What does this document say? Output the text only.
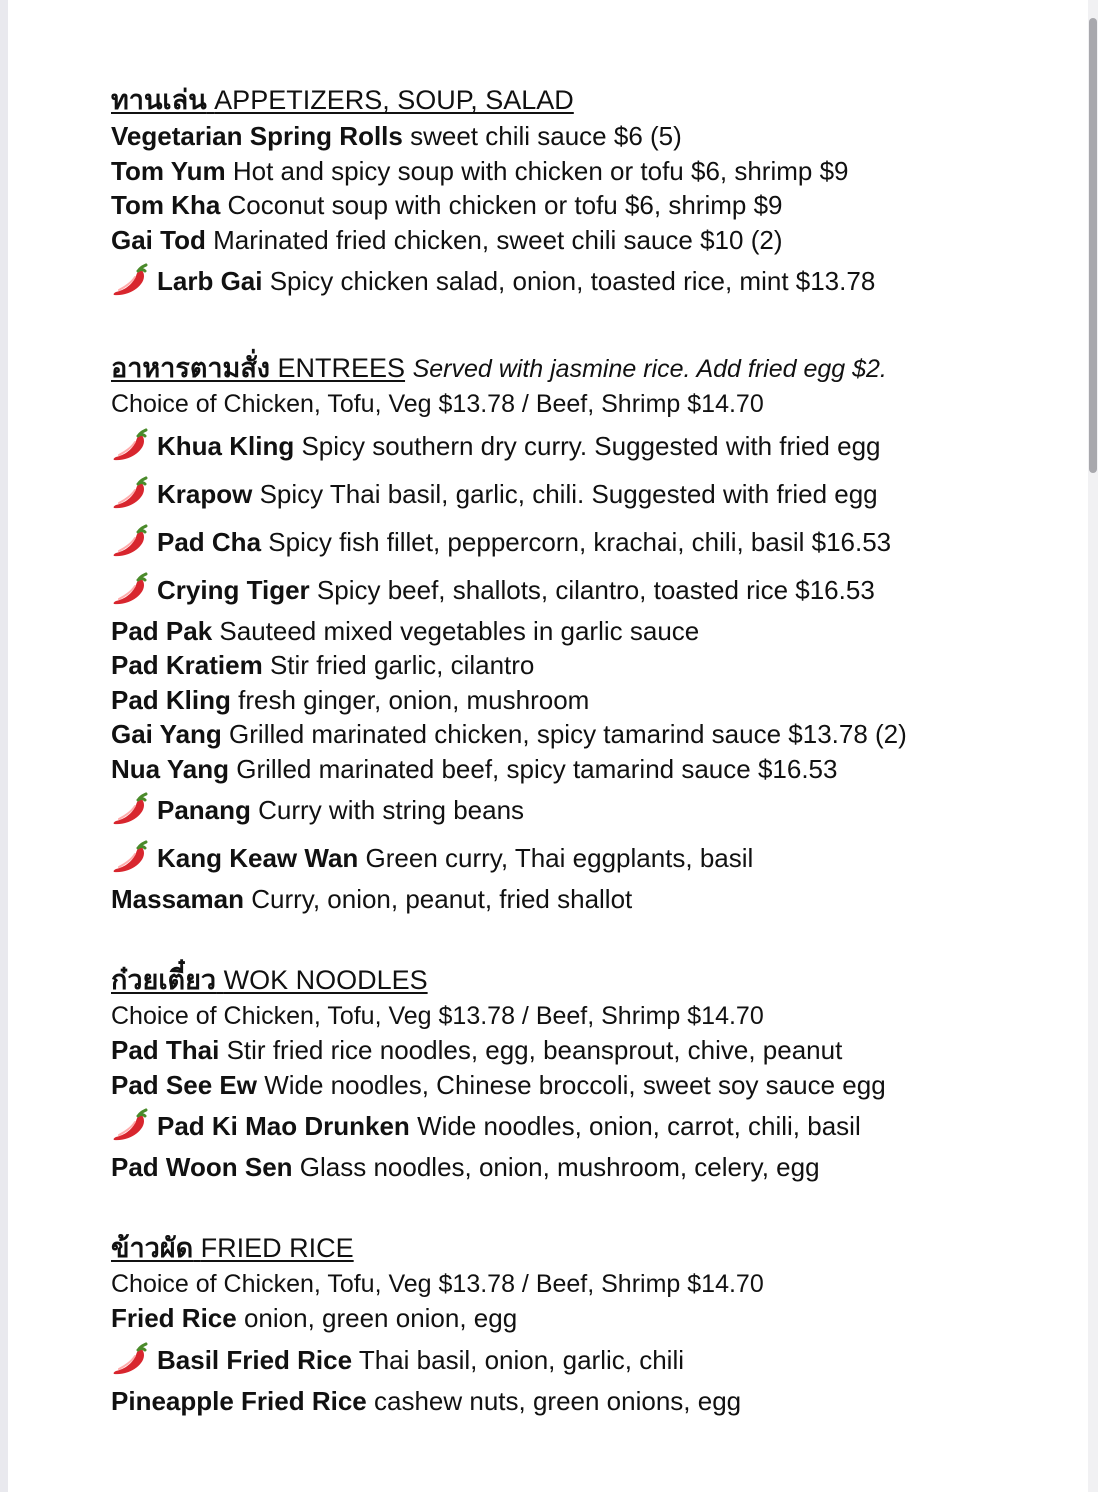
ทานเล่น APPETIZERS, SOUP, SALAD
Vegetarian Spring Rolls sweet chili sauce $6 (5)
Tom Yum Hot and spicy soup with chicken or tofu $6, shrimp $9
Tom Kha Coconut soup with chicken or tofu $6, shrimp $9
Gai Tod Marinated fried chicken, sweet chili sauce $10 (2)
Larb Gai Spicy chicken salad, onion, toasted rice, mint $13.78
อาหารตามสั่ง ENTREES Served with jasmine rice. Add fried egg $2.
Choice of Chicken, Tofu, Veg $13.78 / Beef, Shrimp $14.70
Khua Kling Spicy southern dry curry. Suggested with fried egg
Krapow Spicy Thai basil, garlic, chili. Suggested with fried egg
Pad Cha Spicy fish fillet, peppercorn, krachai, chili, basil $16.53
Crying Tiger Spicy beef, shallots, cilantro, toasted rice $16.53
Pad Pak Sauteed mixed vegetables in garlic sauce
Pad Kratiem Stir fried garlic, cilantro
Pad Kling fresh ginger, onion, mushroom
Gai Yang Grilled marinated chicken, spicy tamarind sauce $13.78 (2)
Nua Yang Grilled marinated beef, spicy tamarind sauce $16.53
Panang Curry with string beans
Kang Keaw Wan Green curry, Thai eggplants, basil
Massaman Curry, onion, peanut, fried shallot
ก๋วยเตี๋ยว WOK NOODLES
Choice of Chicken, Tofu, Veg $13.78 / Beef, Shrimp $14.70
Pad Thai Stir fried rice noodles, egg, beansprout, chive, peanut
Pad See Ew Wide noodles, Chinese broccoli, sweet soy sauce egg
Pad Ki Mao Drunken Wide noodles, onion, carrot, chili, basil
Pad Woon Sen Glass noodles, onion, mushroom, celery, egg
ข้าวผัด FRIED RICE
Choice of Chicken, Tofu, Veg $13.78 / Beef, Shrimp $14.70
Fried Rice onion, green onion, egg
Basil Fried Rice Thai basil, onion, garlic, chili
Pineapple Fried Rice cashew nuts, green onions, egg
